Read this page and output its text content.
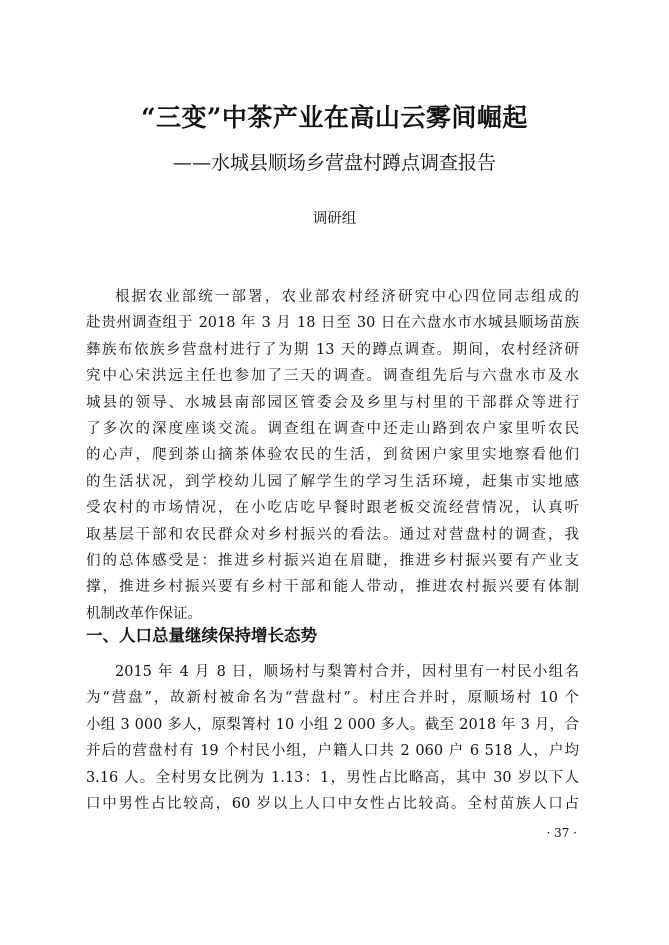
“三变”中茶产业在高山云雾间崛起
——水城县顺场乡营盘村蹲点调查报告
调研组
根据农业部统一部署，农业部农村经济研究中心四位同志组成的
赴贵州调查组于 2018 年 3 月 18 日至 30 日在六盘水市水城县顺场苗族
彝族布依族乡营盘村进行了为期 13 天的蹲点调查。期间，农村经济研
究中心宋洪远主任也参加了三天的调查。调查组先后与六盘水市及水
城县的领导、水城县南部园区管委会及乡里与村里的干部群众等进行
了多次的深度座谈交流。调查组在调查中还走山路到农户家里听农民
的心声，爬到茶山摘茶体验农民的生活，到贫困户家里实地察看他们
的生活状况，到学校幼儿园了解学生的学习生活环境，赶集市实地感
受农村的市场情况，在小吃店吃早餐时跟老板交流经营情况，认真听
取基层干部和农民群众对乡村振兴的看法。通过对营盘村的调查，我
们的总体感受是：推进乡村振兴迫在眉睫，推进乡村振兴要有产业支
撑，推进乡村振兴要有乡村干部和能人带动，推进农村振兴要有体制
机制改革作保证。
一、人口总量继续保持增长态势
2015 年 4 月 8 日，顺场村与梨箐村合并，因村里有一村民小组名
为“营盘”，故新村被命名为“营盘村”。村庄合并时，原顺场村 10 个
小组 3 000 多人，原梨箐村 10 小组 2 000 多人。截至 2018 年 3 月，合
并后的营盘村有 19 个村民小组，户籍人口共 2 060 户 6 518 人，户均
3.16 人。全村男女比例为 1.13：1，男性占比略高，其中 30 岁以下人
口中男性占比较高，60 岁以上人口中女性占比较高。全村苗族人口占
· 37 ·
